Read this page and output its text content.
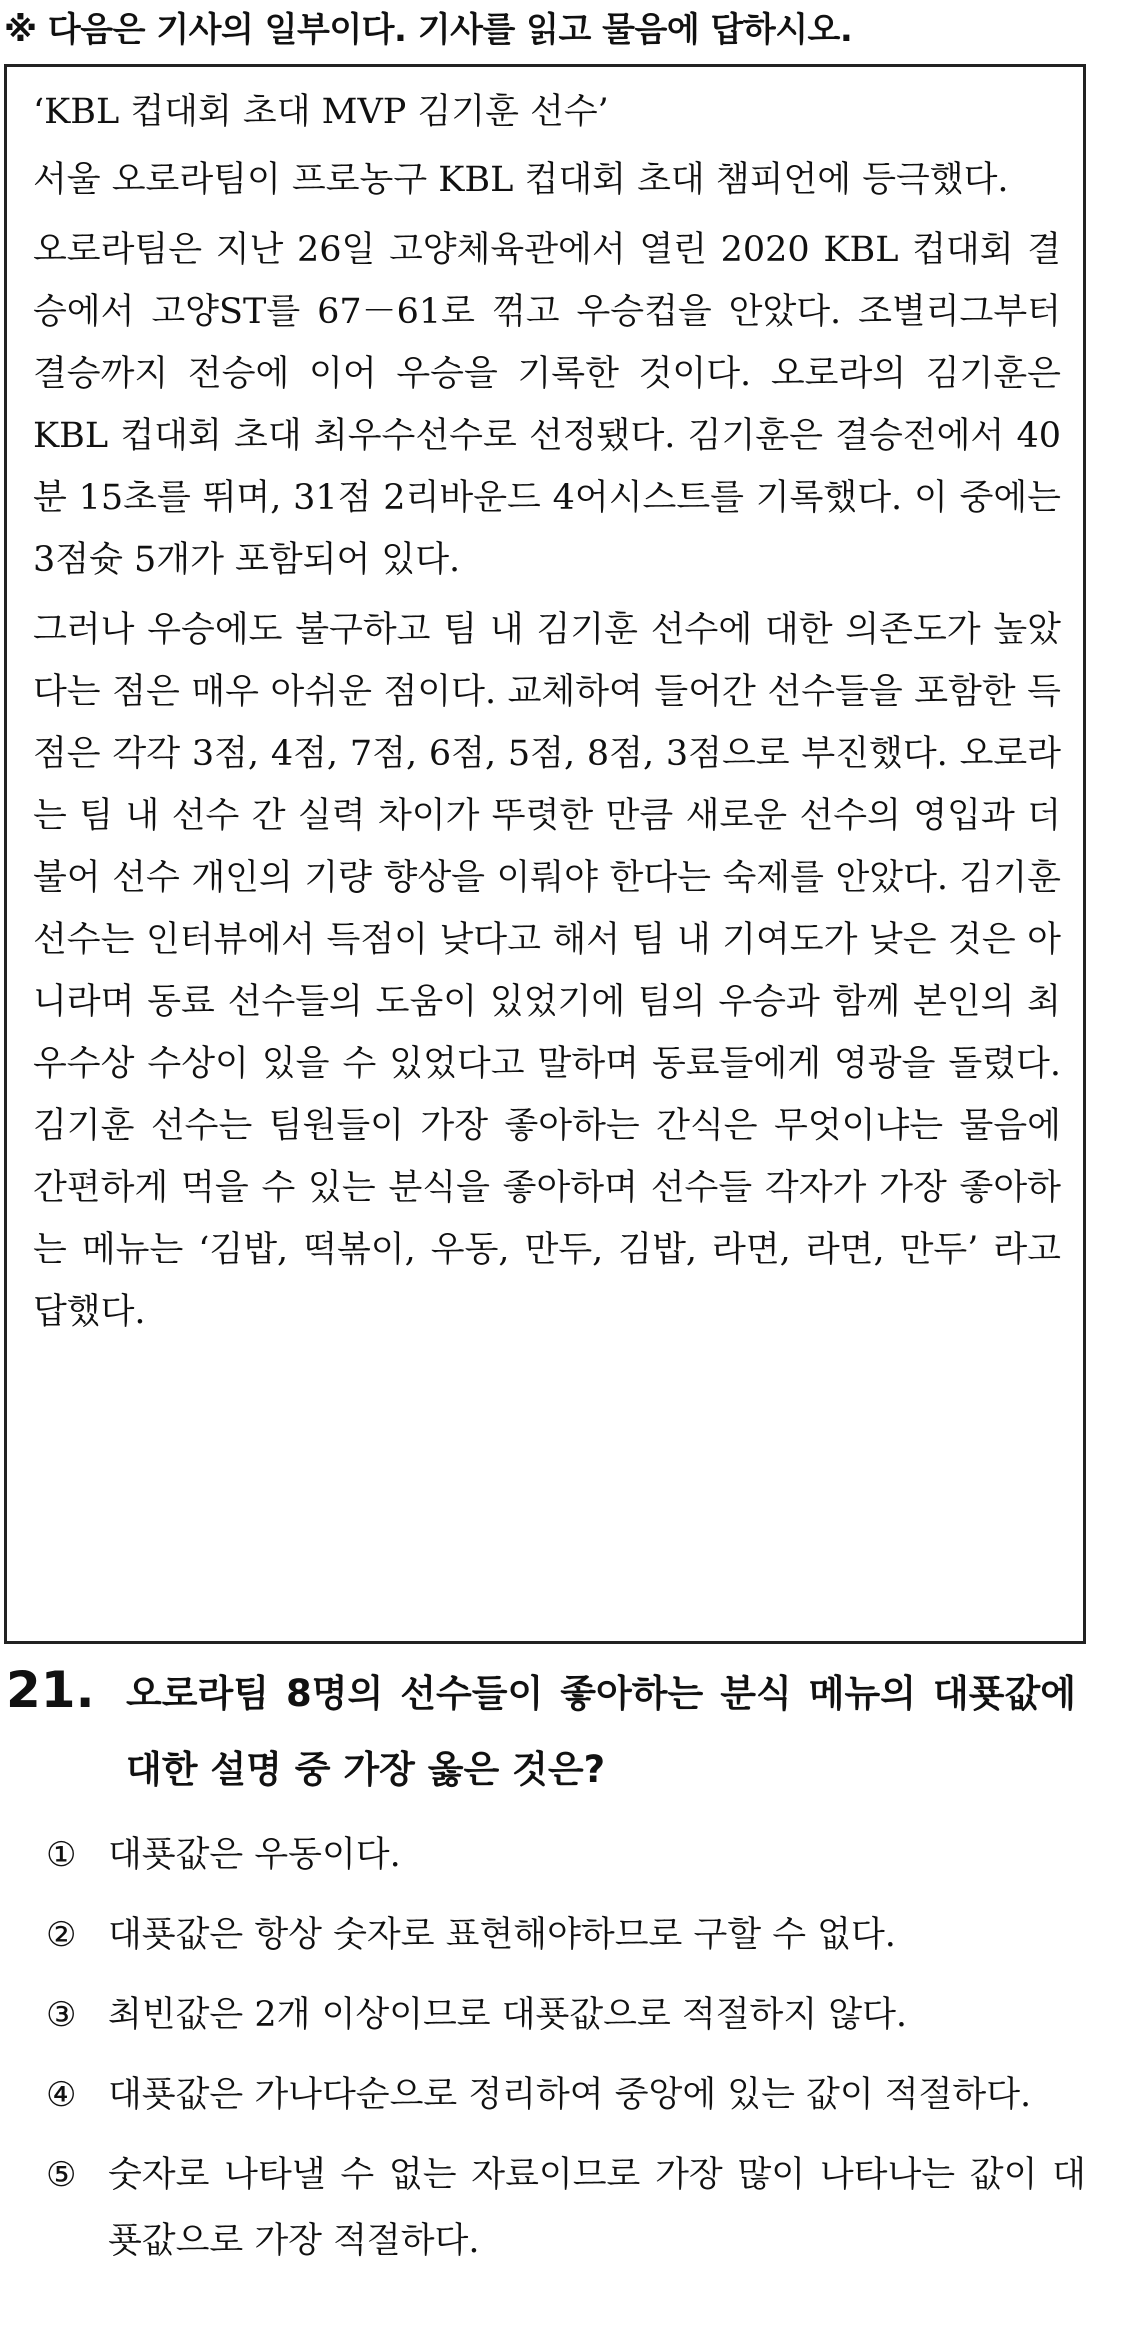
※ 다음은 기사의 일부이다. 기사를 읽고 물음에 답하시오.

‘KBL 컵대회 초대 MVP 김기훈 선수’

서울 오로라팀이 프로농구 KBL 컵대회 초대 챔피언에 등극했다.

오로라팀은 지난 26일 고양체육관에서 열린 2020 KBL 컵대회 결승에서 고양ST를 67－61로 꺾고 우승컵을 안았다. 조별리그부터 결승까지 전승에 이어 우승을 기록한 것이다. 오로라의 김기훈은 KBL 컵대회 초대 최우수선수로 선정됐다. 김기훈은 결승전에서 40분 15초를 뛰며, 31점 2리바운드 4어시스트를 기록했다. 이 중에는 3점슛 5개가 포함되어 있다.

그러나 우승에도 불구하고 팀 내 김기훈 선수에 대한 의존도가 높았다는 점은 매우 아쉬운 점이다. 교체하여 들어간 선수들을 포함한 득점은 각각 3점, 4점, 7점, 6점, 5점, 8점, 3점으로 부진했다. 오로라는 팀 내 선수 간 실력 차이가 뚜렷한 만큼 새로운 선수의 영입과 더불어 선수 개인의 기량 향상을 이뤄야 한다는 숙제를 안았다. 김기훈 선수는 인터뷰에서 득점이 낮다고 해서 팀 내 기여도가 낮은 것은 아니라며 동료 선수들의 도움이 있었기에 팀의 우승과 함께 본인의 최우수상 수상이 있을 수 있었다고 말하며 동료들에게 영광을 돌렸다. 김기훈 선수는 팀원들이 가장 좋아하는 간식은 무엇이냐는 물음에 간편하게 먹을 수 있는 분식을 좋아하며 선수들 각자가 가장 좋아하는 메뉴는 ‘김밥, 떡볶이, 우동, 만두, 김밥, 라면, 라면, 만두’ 라고 답했다.

21. 오로라팀 8명의 선수들이 좋아하는 분식 메뉴의 대푯값에 대한 설명 중 가장 옳은 것은?
① 대푯값은 우동이다.
② 대푯값은 항상 숫자로 표현해야하므로 구할 수 없다.
③ 최빈값은 2개 이상이므로 대푯값으로 적절하지 않다.
④ 대푯값은 가나다순으로 정리하여 중앙에 있는 값이 적절하다.
⑤ 숫자로 나타낼 수 없는 자료이므로 가장 많이 나타나는 값이 대푯값으로 가장 적절하다.
